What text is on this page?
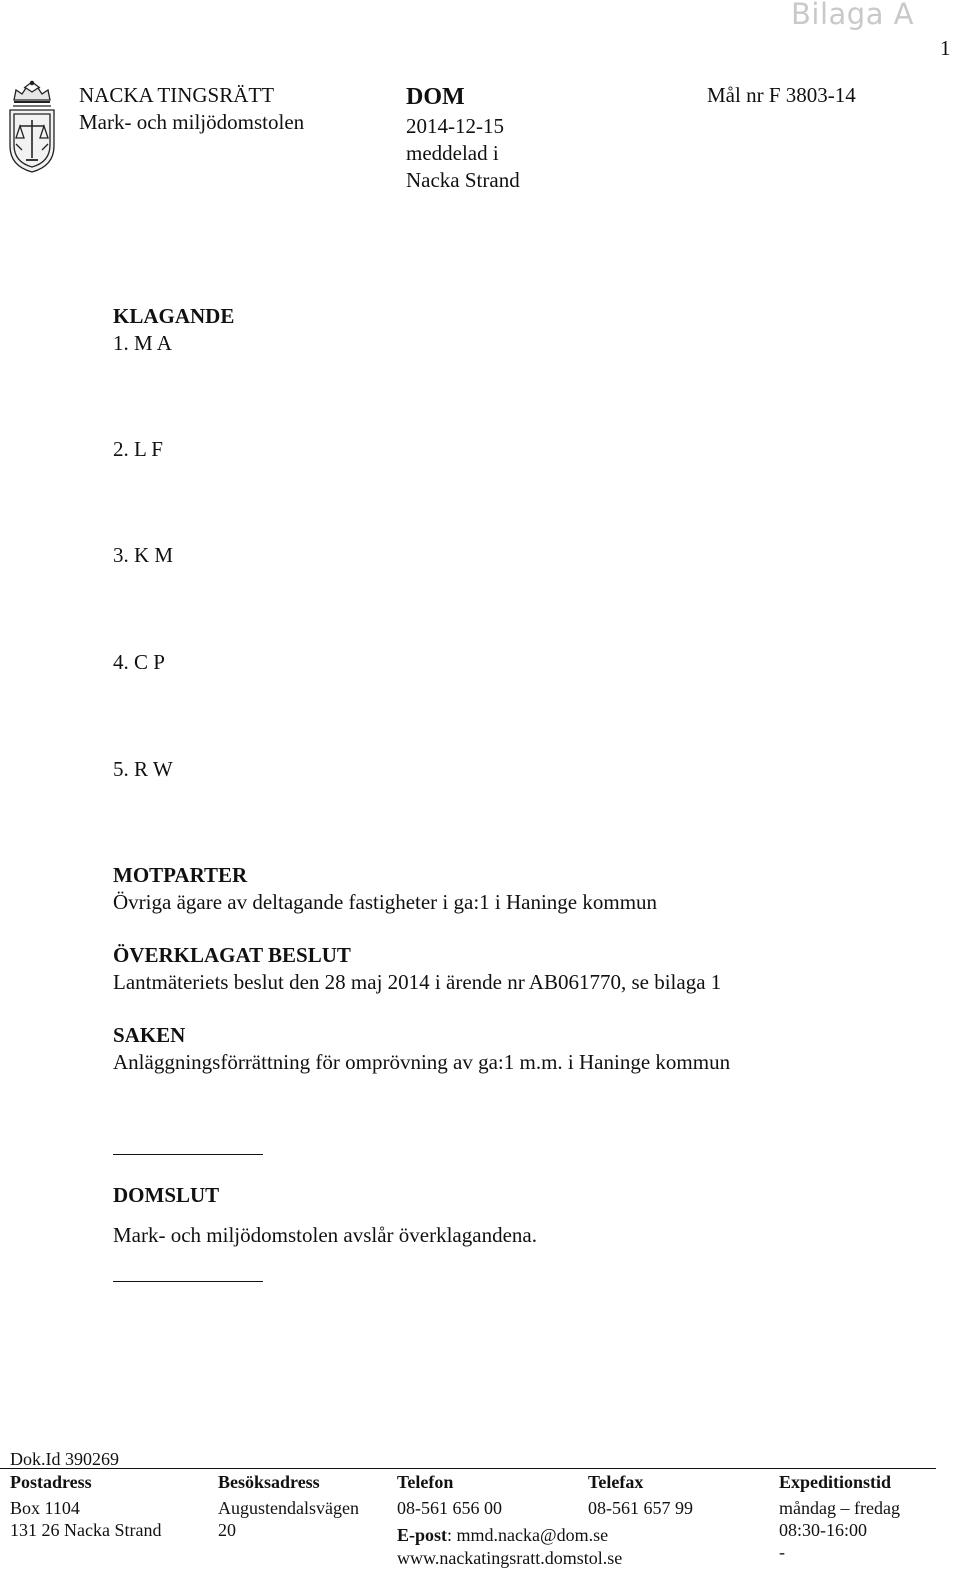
Bilaga A
1
NACKA TINGSRÄTT
Mark- och miljödomstolen
DOM
2014-12-15
meddelad i
Nacka Strand
Mål nr F 3803-14
KLAGANDE
1. M A
2. L F
3. K M
4. C P
5. R W
MOTPARTER
Övriga ägare av deltagande fastigheter i ga:1 i Haninge kommun
ÖVERKLAGAT BESLUT
Lantmäteriets beslut den 28 maj 2014 i ärende nr AB061770, se bilaga 1
SAKEN
Anläggningsförrättning för omprövning av ga:1 m.m. i Haninge kommun
DOMSLUT
Mark- och miljödomstolen avslår överklagandena.
Dok.Id 390269
Postadress
Box 1104
131 26 Nacka Strand
Besöksadress
Augustendalsvägen
20
Telefon
08-561 656 00
E-post: mmd.nacka@dom.se
www.nackatingsratt.domstol.se
Telefax
08-561 657 99
Expeditionstid
måndag – fredag
08:30-16:00
-
